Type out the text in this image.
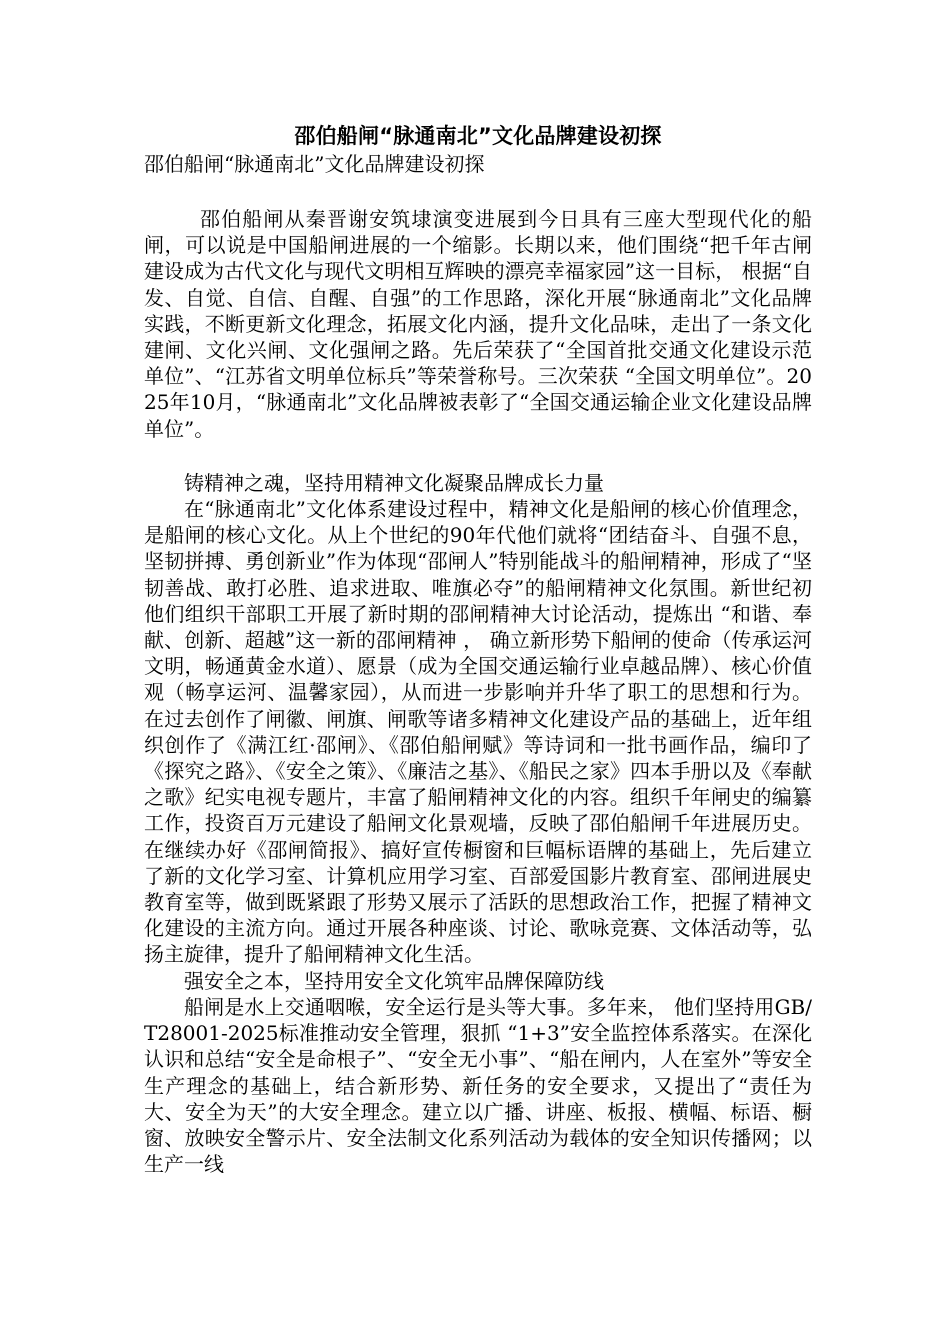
邵伯船闸“脉通南北”文化品牌建设初探

邵伯船闸“脉通南北”文化品牌建设初探

邵伯船闸从秦晋谢安筑埭演变进展到今日具有三座大型现代化的船闸，可以说是中国船闸进展的一个缩影。长期以来，他们围绕“把千年古闸建设成为古代文化与现代文明相互辉映的漂亮幸福家园”这一目标， 根据“自发、自觉、自信、自醒、自强”的工作思路，深化开展“脉通南北”文化品牌实践，不断更新文化理念，拓展文化内涵，提升文化品味，走出了一条文化建闸、文化兴闸、文化强闸之路。先后荣获了“全国首批交通文化建设示范单位”、“江苏省文明单位标兵”等荣誉称号。三次荣获 “全国文明单位”。2025年10月，“脉通南北”文化品牌被表彰了“全国交通运输企业文化建设品牌单位”。

铸精神之魂，坚持用精神文化凝聚品牌成长力量

在“脉通南北”文化体系建设过程中，精神文化是船闸的核心价值理念，是船闸的核心文化。从上个世纪的90年代他们就将“团结奋斗、自强不息，坚韧拼搏、勇创新业”作为体现“邵闸人”特别能战斗的船闸精神，形成了“坚韧善战、敢打必胜、追求进取、唯旗必夺”的船闸精神文化氛围。新世纪初他们组织干部职工开展了新时期的邵闸精神大讨论活动，提炼出 “和谐、奉献、创新、超越”这一新的邵闸精神 ， 确立新形势下船闸的使命（传承运河文明，畅通黄金水道）、愿景（成为全国交通运输行业卓越品牌）、核心价值观（畅享运河、温馨家园），从而进一步影响并升华了职工的思想和行为。在过去创作了闸徽、闸旗、闸歌等诸多精神文化建设产品的基础上，近年组织创作了《满江红·邵闸》、《邵伯船闸赋》等诗词和一批书画作品，编印了《探究之路》、《安全之策》、《廉洁之基》、《船民之家》四本手册以及《奉献之歌》纪实电视专题片，丰富了船闸精神文化的内容。组织千年闸史的编纂工作，投资百万元建设了船闸文化景观墙，反映了邵伯船闸千年进展历史。在继续办好《邵闸简报》、搞好宣传橱窗和巨幅标语牌的基础上，先后建立了新的文化学习室、计算机应用学习室、百部爱国影片教育室、邵闸进展史教育室等，做到既紧跟了形势又展示了活跃的思想政治工作，把握了精神文化建设的主流方向。通过开展各种座谈、讨论、歌咏竞赛、文体活动等，弘扬主旋律，提升了船闸精神文化生活。

强安全之本，坚持用安全文化筑牢品牌保障防线

船闸是水上交通咽喉，安全运行是头等大事。多年来， 他们坚持用GB/T28001-2025标准推动安全管理，狠抓 “1+3”安全监控体系落实。在深化认识和总结“安全是命根子”、“安全无小事”、“船在闸内，人在室外”等安全生产理念的基础上，结合新形势、新任务的安全要求，又提出了“责任为大、安全为天”的大安全理念。建立以广播、讲座、板报、横幅、标语、橱窗、放映安全警示片、安全法制文化系列活动为载体的安全知识传播网；以生产一线
